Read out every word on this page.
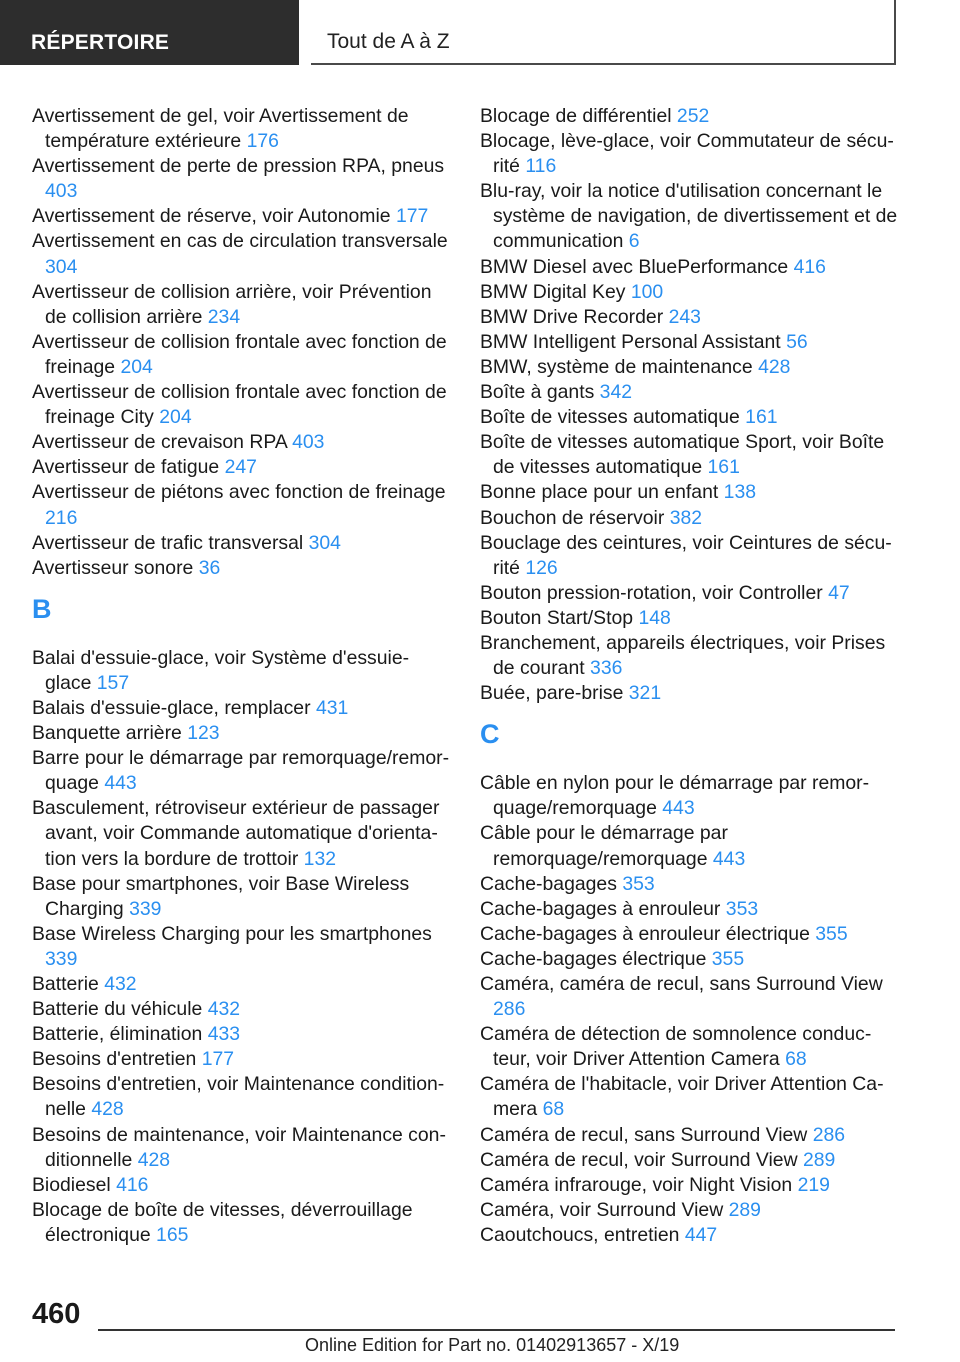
RÉPERTOIRE	Tout de A à Z
Avertissement de gel, voir Avertissement de température extérieure 176
Avertissement de perte de pression RPA, pneus 403
Avertissement de réserve, voir Autonomie 177
Avertissement en cas de circulation transversale 304
Avertisseur de collision arrière, voir Prévention de collision arrière 234
Avertisseur de collision frontale avec fonction de freinage 204
Avertisseur de collision frontale avec fonction de freinage City 204
Avertisseur de crevaison RPA 403
Avertisseur de fatigue 247
Avertisseur de piétons avec fonction de freinage 216
Avertisseur de trafic transversal 304
Avertisseur sonore 36
B
Balai d'essuie-glace, voir Système d'essuie-glace 157
Balais d'essuie-glace, remplacer 431
Banquette arrière 123
Barre pour le démarrage par remorquage/remorquage 443
Basculement, rétroviseur extérieur de passager avant, voir Commande automatique d'orientation vers la bordure de trottoir 132
Base pour smartphones, voir Base Wireless Charging 339
Base Wireless Charging pour les smartphones 339
Batterie 432
Batterie du véhicule 432
Batterie, élimination 433
Besoins d'entretien 177
Besoins d'entretien, voir Maintenance conditionnelle 428
Besoins de maintenance, voir Maintenance conditionnelle 428
Biodiesel 416
Blocage de boîte de vitesses, déverrouillage électronique 165
Blocage de différentiel 252
Blocage, lève-glace, voir Commutateur de sécurité 116
Blu-ray, voir la notice d'utilisation concernant le système de navigation, de divertissement et de communication 6
BMW Diesel avec BluePerformance 416
BMW Digital Key 100
BMW Drive Recorder 243
BMW Intelligent Personal Assistant 56
BMW, système de maintenance 428
Boîte à gants 342
Boîte de vitesses automatique 161
Boîte de vitesses automatique Sport, voir Boîte de vitesses automatique 161
Bonne place pour un enfant 138
Bouchon de réservoir 382
Bouclage des ceintures, voir Ceintures de sécurité 126
Bouton pression-rotation, voir Controller 47
Bouton Start/Stop 148
Branchement, appareils électriques, voir Prises de courant 336
Buée, pare-brise 321
C
Câble en nylon pour le démarrage par remorquage/remorquage 443
Câble pour le démarrage par remorquage/remorquage 443
Cache-bagages 353
Cache-bagages à enrouleur 353
Cache-bagages à enrouleur électrique 355
Cache-bagages électrique 355
Caméra, caméra de recul, sans Surround View 286
Caméra de détection de somnolence conducteur, voir Driver Attention Camera 68
Caméra de l'habitacle, voir Driver Attention Camera 68
Caméra de recul, sans Surround View 286
Caméra de recul, voir Surround View 289
Caméra infrarouge, voir Night Vision 219
Caméra, voir Surround View 289
Caoutchoucs, entretien 447
460
Online Edition for Part no. 01402913657 - X/19
